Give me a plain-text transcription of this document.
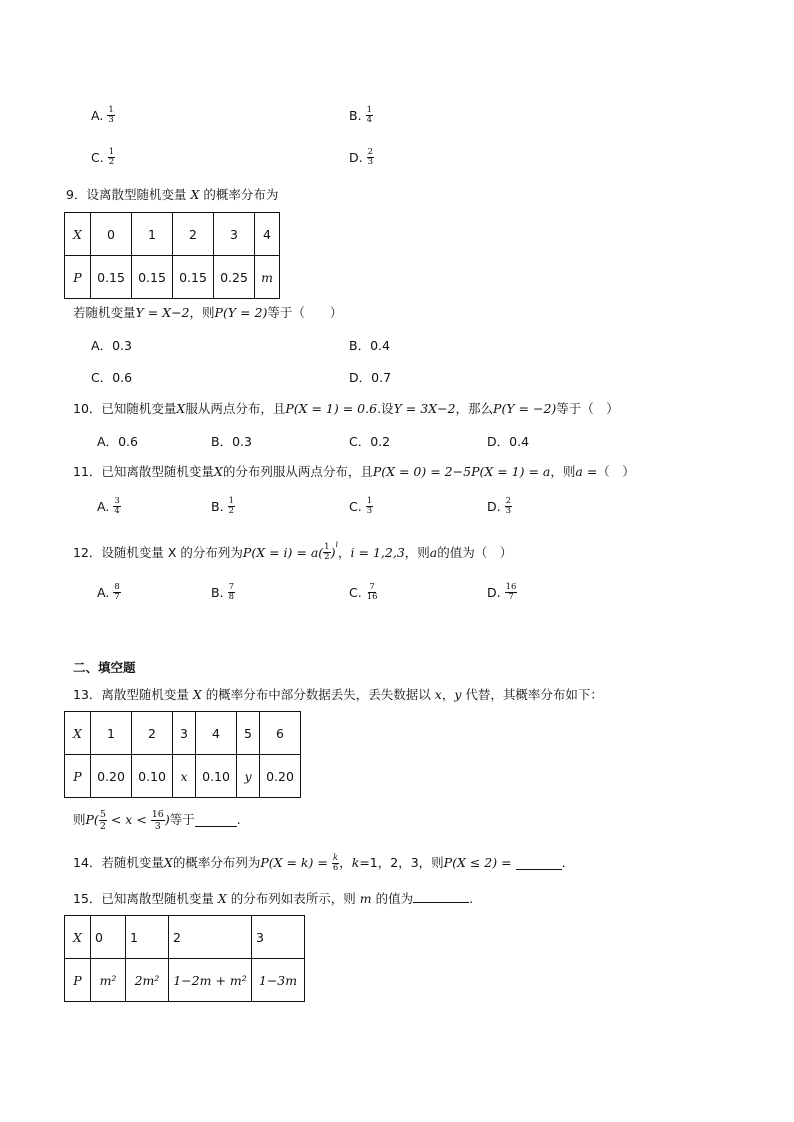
A. $\frac{1}{3}$	B. $\frac{1}{4}$
C. $\frac{1}{2}$	D. $\frac{2}{3}$
9．设离散型随机变量 X 的概率分布为
X	0	1	2	3	4
P	0.15	0.15	0.15	0.25	m
若随机变量Y = X−2，则P(Y = 2)等于（　　）
A．0.3	B．0.4
C．0.6	D．0.7
10．已知随机变量X服从两点分布，且P(X = 1) = 0.6.设Y = 3X−2，那么P(Y = −2)等于（　）
A．0.6	B．0.3	C．0.2	D．0.4
11．已知离散型随机变量X的分布列服从两点分布，且P(X = 0) = 2−5P(X = 1) = a，则a =（　）
A. $\frac{3}{4}$	B. $\frac{1}{2}$	C. $\frac{1}{3}$	D. $\frac{2}{3}$
12．设随机变量 X 的分布列为 $P(X = i) = a( \frac{1}{2}$ )
$^i$
， i = 1,2,3 ，则 a 的值为（　）
A. $\frac{8}{7}$	B. $\frac{7}{8}$	C. $\frac{7}{16}$	D. $\frac{16}{7}$
二、填空题
13．离散型随机变量 X 的概率分布中部分数据丢失，丢失数据以 x，y 代替，其概率分布如下：
X	1	2	3	4	5	6
P	0.20	0.10	x	0.10	y	0.20
则 $P( \frac{5}{2} < x < \frac{16}{3}$ ) 等于	.
14．若随机变量 X 的概率分布列为 $P(X = k) = \frac{k}{6}$ ， k =1，2，3，则 P(X ≤ 2) =	.
15．已知离散型随机变量 X 的分布列如表所示，则 m 的值为	.
X	0	1	2	3
P	m²	2m²	1−2m + m²	1−3m
